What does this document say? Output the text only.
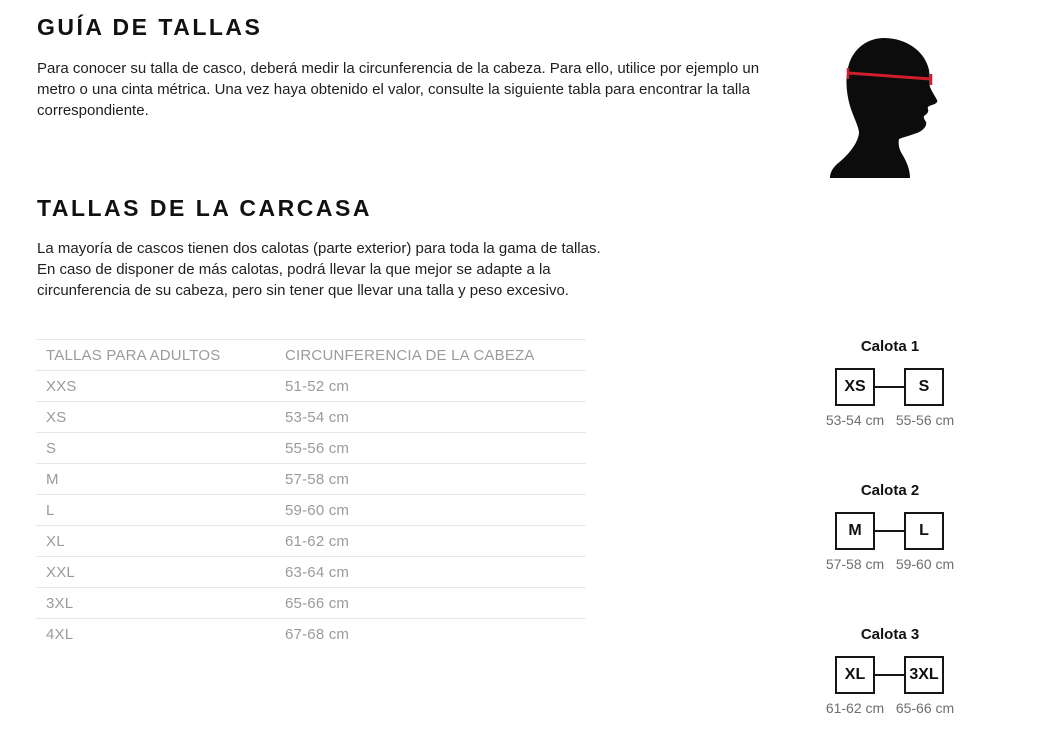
GUÍA DE TALLAS

Para conocer su talla de casco, deberá medir la circunferencia de la cabeza. Para ello, utilice por ejemplo un metro o una cinta métrica. Una vez haya obtenido el valor, consulte la siguiente tabla para encontrar la talla correspondiente.

TALLAS DE LA CARCASA

La mayoría de cascos tienen dos calotas (parte exterior) para toda la gama de tallas. En caso de disponer de más calotas, podrá llevar la que mejor se adapte a la circunferencia de su cabeza, pero sin tener que llevar una talla y peso excesivo.

TALLAS PARA ADULTOS	CIRCUNFERENCIA DE LA CABEZA
XXS	51-52 cm
XS	53-54 cm
S	55-56 cm
M	57-58 cm
L	59-60 cm
XL	61-62 cm
XXL	63-64 cm
3XL	65-66 cm
4XL	67-68 cm
Calota 1
XS	S
53-54 cm 55-56 cm
Calota 2
M	L
57-58 cm 59-60 cm
Calota 3
XL	3XL
61-62 cm 65-66 cm
